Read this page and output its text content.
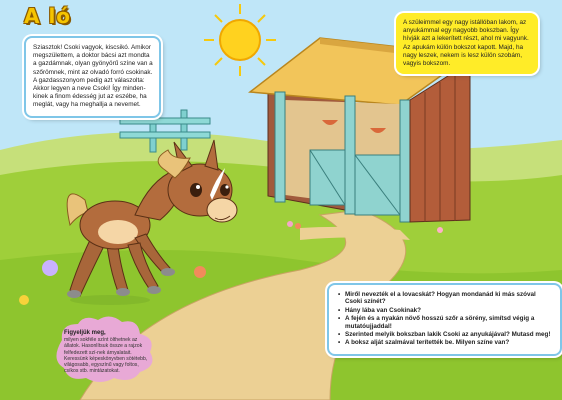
A ló

Sziasztok! Csoki vagyok, kiscsikó. Amikor megszülettem, a doktor bácsi azt mondta a gazdámnak, olyan gyönyörű színe van a szőrömnek, mint az olvadó forró csokinak. A gazdasszonyom pedig azt válaszolta: Akkor legyen a neve Csoki! Így minden-kinek a finom édesség jut az eszébe, ha meglát, vagy ha meghallja a nevemet.

A szüleimmel egy nagy istállóban lakom, az anyukámmal egy nagyobb bokszban. Így hívják azt a lekerített részt, ahol mi vagyunk. Az apukám külön bokszot kapott. Majd, ha nagy leszek, nekem is lesz külön szobám, vagyis bokszom.

• Miről nevezték el a lovacskát? Hogyan mondanád ki más szóval Csoki színét?
• Hány lába van Csokinak?
• A fején és a nyakán növő hosszú szőr a sörény, simítsd végig a mutatóujjaddal!
• Szerinted melyik bokszban lakik Csoki az anyukájával? Mutasd meg!
• A boksz alját szalmával terítették be. Milyen színe van?
Figyeljük meg,
milyen sokféle színt ölthetnek az állatok. Hasonlítsuk össze a rajzok felfedezett szí-nek árnyalatait. Keressünk képeskönyvben sötétebb, világosabb, egyszínű vagy foltos, csíkos stb. mintázatokat.
